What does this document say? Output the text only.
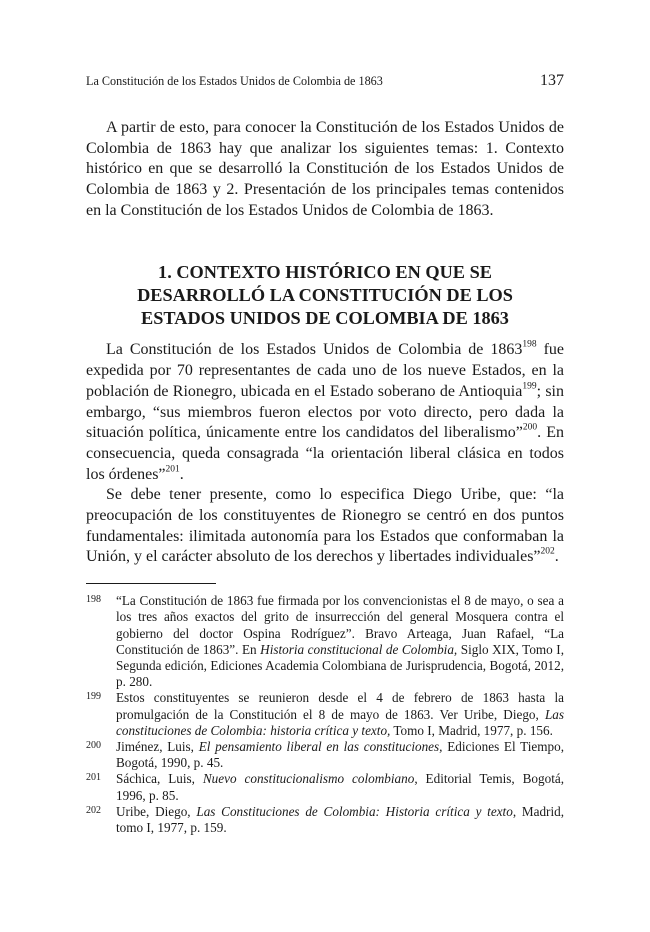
La Constitución de los Estados Unidos de Colombia de 1863	137

A partir de esto, para conocer la Constitución de los Estados Unidos de Colombia de 1863 hay que analizar los siguientes temas: 1. Contexto histórico en que se desarrolló la Constitución de los Estados Unidos de Colombia de 1863 y 2. Presentación de los principales temas contenidos en la Constitución de los Estados Unidos de Colombia de 1863.

1. CONTEXTO HISTÓRICO EN QUE SE
DESARROLLÓ LA CONSTITUCIÓN DE LOS
ESTADOS UNIDOS DE COLOMBIA DE 1863

La Constitución de los Estados Unidos de Colombia de 1863$^{198}$ fue expedida por 70 representantes de cada uno de los nueve Estados, en la población de Rionegro, ubicada en el Estado soberano de Antioquia$^{199}$; sin embargo, “sus miembros fueron electos por voto directo, pero dada la situación política, únicamente entre los candidatos del liberalismo”$^{200}$. En consecuencia, queda consagrada “la orientación liberal clásica en todos los órdenes”$^{201}$.

Se debe tener presente, como lo especifica Diego Uribe, que: “la preocupación de los constituyentes de Rionegro se centró en dos puntos fundamentales: ilimitada autonomía para los Estados que conformaban la Unión, y el carácter absoluto de los derechos y libertades individuales”$^{202}$.

198	“La Constitución de 1863 fue firmada por los convencionistas el 8 de mayo, o sea a los tres años exactos del grito de insurrección del general Mosquera contra el gobierno del doctor Ospina Rodríguez”. Bravo Arteaga, Juan Rafael, “La Constitución de 1863”. En Historia constitucional de Colombia, Siglo XIX, Tomo I, Segunda edición, Ediciones Academia Colombiana de Jurisprudencia, Bogotá, 2012, p. 280.
199	Estos constituyentes se reunieron desde el 4 de febrero de 1863 hasta la promulgación de la Constitución el 8 de mayo de 1863. Ver Uribe, Diego, Las constituciones de Colombia: historia crítica y texto, Tomo I, Madrid, 1977, p. 156.
200	Jiménez, Luis, El pensamiento liberal en las constituciones, Ediciones El Tiempo, Bogotá, 1990, p. 45.
201	Sáchica, Luis, Nuevo constitucionalismo colombiano, Editorial Temis, Bogotá, 1996, p. 85.
202	Uribe, Diego, Las Constituciones de Colombia: Historia crítica y texto, Madrid, tomo I, 1977, p. 159.
